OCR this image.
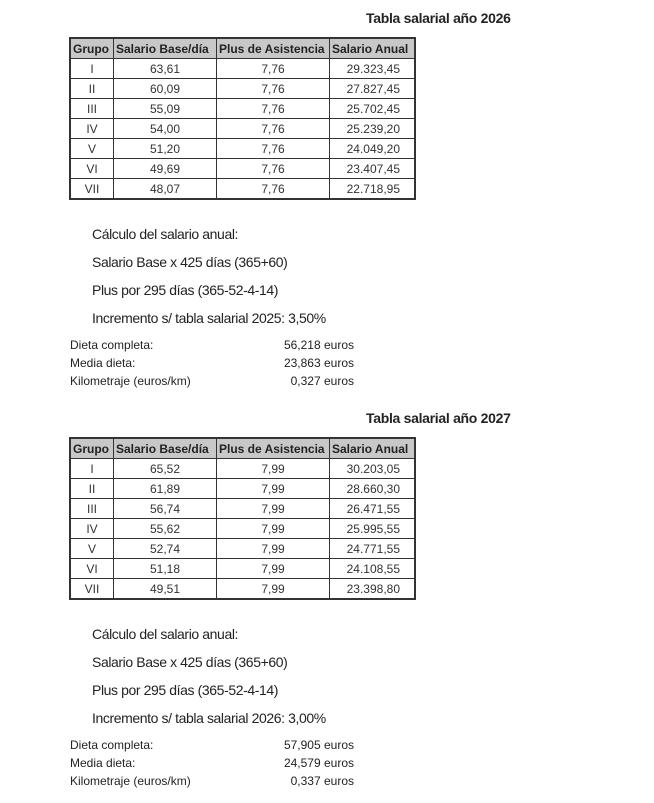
Tabla salarial año 2026
Grupo	Salario Base/día	Plus de Asistencia	Salario Anual
I	63,61	7,76	29.323,45
II	60,09	7,76	27.827,45
III	55,09	7,76	25.702,45
IV	54,00	7,76	25.239,20
V	51,20	7,76	24.049,20
VI	49,69	7,76	23.407,45
VII	48,07	7,76	22.718,95
Cálculo del salario anual:
Salario Base x 425 días (365+60)
Plus por 295 días (365-52-4-14)
Incremento s/ tabla salarial 2025: 3,50%
Dieta completa:	56,218 euros
Media dieta:	23,863 euros
Kilometraje (euros/km)	0,327 euros
Tabla salarial año 2027
Grupo	Salario Base/día	Plus de Asistencia	Salario Anual
I	65,52	7,99	30.203,05
II	61,89	7,99	28.660,30
III	56,74	7,99	26.471,55
IV	55,62	7,99	25.995,55
V	52,74	7,99	24.771,55
VI	51,18	7,99	24.108,55
VII	49,51	7,99	23.398,80
Cálculo del salario anual:
Salario Base x 425 días (365+60)
Plus por 295 días (365-52-4-14)
Incremento s/ tabla salarial 2026: 3,00%
Dieta completa:	57,905 euros
Media dieta:	24,579 euros
Kilometraje (euros/km)	0,337 euros
